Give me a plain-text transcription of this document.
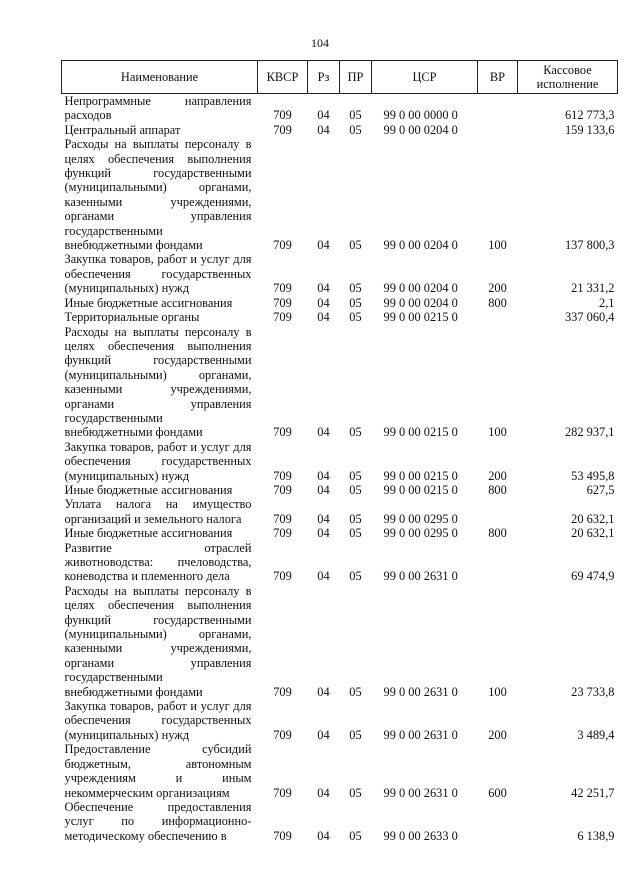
104
Наименование	КВСР	Рз	ПР	ЦСР	ВР	Кассовое исполнение
Непрограммные направления расходов	709	04	05	99 0 00 0000 0		612 773,3
Центральный аппарат	709	04	05	99 0 00 0204 0		159 133,6
Расходы на выплаты персоналу в целях обеспечения выполнения функций государственными (муниципальными) органами, казенными учреждениями, органами управления государственными внебюджетными фондами	709	04	05	99 0 00 0204 0	100	137 800,3
Закупка товаров, работ и услуг для обеспечения государственных (муниципальных) нужд	709	04	05	99 0 00 0204 0	200	21 331,2
Иные бюджетные ассигнования	709	04	05	99 0 00 0204 0	800	2,1
Территориальные органы	709	04	05	99 0 00 0215 0		337 060,4
Расходы на выплаты персоналу в целях обеспечения выполнения функций государственными (муниципальными) органами, казенными учреждениями, органами управления государственными внебюджетными фондами	709	04	05	99 0 00 0215 0	100	282 937,1
Закупка товаров, работ и услуг для обеспечения государственных (муниципальных) нужд	709	04	05	99 0 00 0215 0	200	53 495,8
Иные бюджетные ассигнования	709	04	05	99 0 00 0215 0	800	627,5
Уплата налога на имущество организаций и земельного налога	709	04	05	99 0 00 0295 0		20 632,1
Иные бюджетные ассигнования	709	04	05	99 0 00 0295 0	800	20 632,1
Развитие отраслей животноводства: пчеловодства, коневодства и племенного дела	709	04	05	99 0 00 2631 0		69 474,9
Расходы на выплаты персоналу в целях обеспечения выполнения функций государственными (муниципальными) органами, казенными учреждениями, органами управления государственными внебюджетными фондами	709	04	05	99 0 00 2631 0	100	23 733,8
Закупка товаров, работ и услуг для обеспечения государственных (муниципальных) нужд	709	04	05	99 0 00 2631 0	200	3 489,4
Предоставление субсидий бюджетным, автономным учреждениям и иным некоммерческим организациям	709	04	05	99 0 00 2631 0	600	42 251,7
Обеспечение предоставления услуг по информационно-методическому обеспечению в	709	04	05	99 0 00 2633 0		6 138,9
